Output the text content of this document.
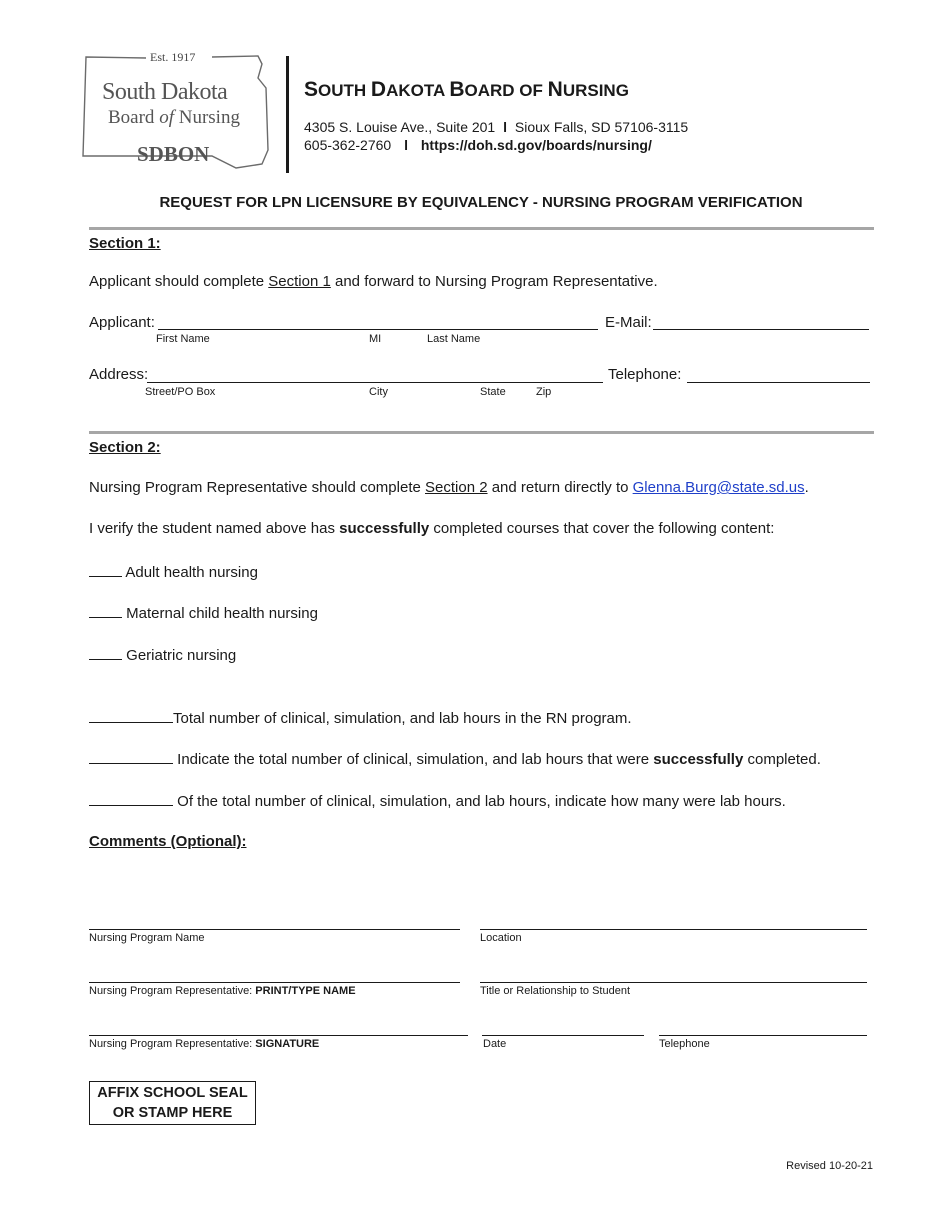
Est. 1917
South Dakota
Board of Nursing
SDBON
SOUTH DAKOTA BOARD OF NURSING
4305 S. Louise Ave., Suite 201 l Sioux Falls, SD 57106-3115
605-362-2760 l https://doh.sd.gov/boards/nursing/
REQUEST FOR LPN LICENSURE BY EQUIVALENCY - NURSING PROGRAM VERIFICATION
Section 1:
Applicant should complete Section 1 and forward to Nursing Program Representative.
Applicant:	E-Mail:
First Name	MI	Last Name
Address:	Telephone:
Street/PO Box	City	State	Zip
Section 2:
Nursing Program Representative should complete Section 2 and return directly to Glenna.Burg@state.sd.us.
I verify the student named above has successfully completed courses that cover the following content:
Adult health nursing
Maternal child health nursing
Geriatric nursing
Total number of clinical, simulation, and lab hours in the RN program.
Indicate the total number of clinical, simulation, and lab hours that were successfully completed.
Of the total number of clinical, simulation, and lab hours, indicate how many were lab hours.
Comments (Optional):
Nursing Program Name	Location
Nursing Program Representative: PRINT/TYPE NAME	Title or Relationship to Student
Nursing Program Representative: SIGNATURE	Date	Telephone
AFFIX SCHOOL SEAL
OR STAMP HERE
Revised 10-20-21
